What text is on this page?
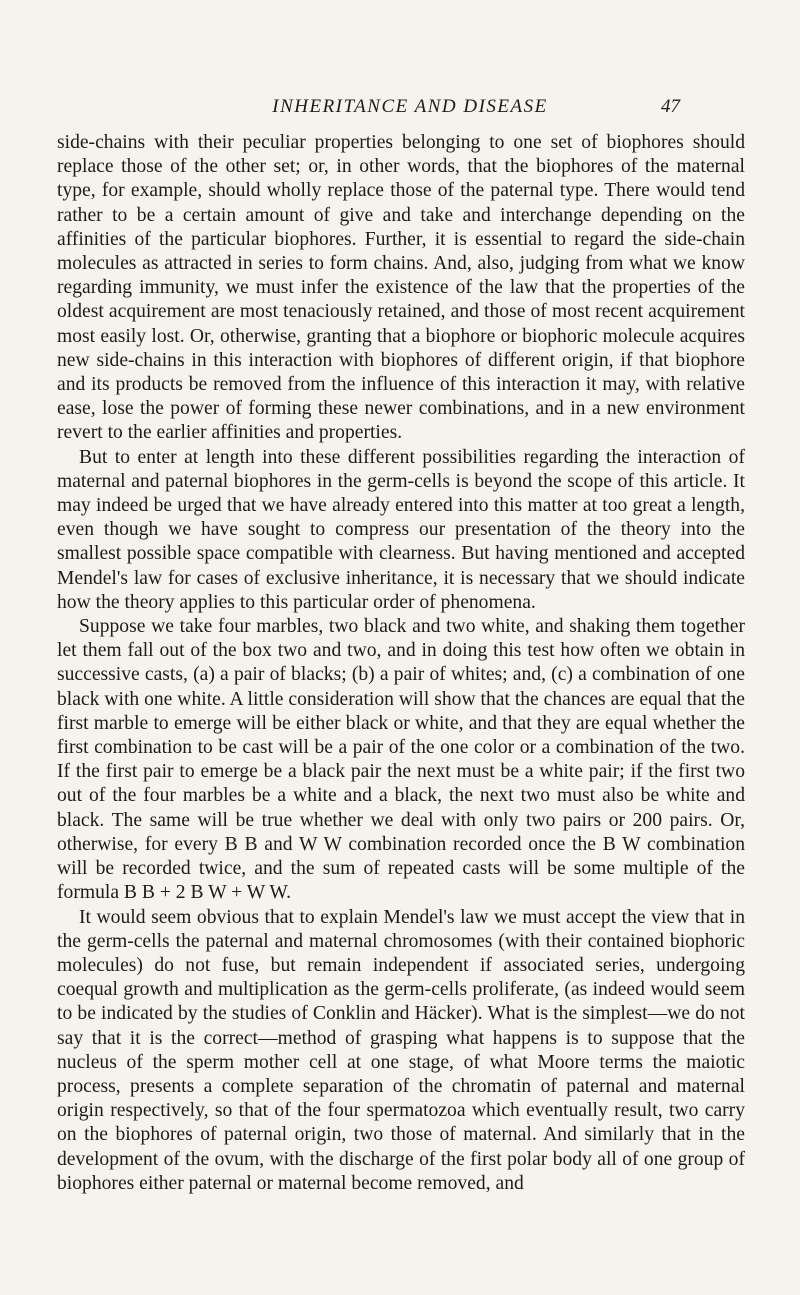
INHERITANCE AND DISEASE	47

side-chains with their peculiar properties belonging to one set of biophores should replace those of the other set; or, in other words, that the biophores of the maternal type, for example, should wholly replace those of the paternal type. There would tend rather to be a certain amount of give and take and interchange depending on the affinities of the particular biophores. Further, it is essential to regard the side-chain molecules as attracted in series to form chains. And, also, judging from what we know regarding immunity, we must infer the existence of the law that the properties of the oldest acquirement are most tenaciously retained, and those of most recent acquirement most easily lost. Or, otherwise, granting that a biophore or biophoric molecule acquires new side-chains in this interaction with biophores of different origin, if that biophore and its products be removed from the influence of this interaction it may, with relative ease, lose the power of forming these newer combinations, and in a new environment revert to the earlier affinities and properties.

But to enter at length into these different possibilities regarding the interaction of maternal and paternal biophores in the germ-cells is beyond the scope of this article. It may indeed be urged that we have already entered into this matter at too great a length, even though we have sought to compress our presentation of the theory into the smallest possible space compatible with clearness. But having mentioned and accepted Mendel's law for cases of exclusive inheritance, it is necessary that we should indicate how the theory applies to this particular order of phenomena.

Suppose we take four marbles, two black and two white, and shaking them together let them fall out of the box two and two, and in doing this test how often we obtain in successive casts, (a) a pair of blacks; (b) a pair of whites; and, (c) a combination of one black with one white. A little consideration will show that the chances are equal that the first marble to emerge will be either black or white, and that they are equal whether the first combination to be cast will be a pair of the one color or a combination of the two. If the first pair to emerge be a black pair the next must be a white pair; if the first two out of the four marbles be a white and a black, the next two must also be white and black. The same will be true whether we deal with only two pairs or 200 pairs. Or, otherwise, for every B B and W W combination recorded once the B W combination will be recorded twice, and the sum of repeated casts will be some multiple of the formula B B + 2 B W + W W.

It would seem obvious that to explain Mendel's law we must accept the view that in the germ-cells the paternal and maternal chromosomes (with their contained biophoric molecules) do not fuse, but remain independent if associated series, undergoing coequal growth and multiplication as the germ-cells proliferate, (as indeed would seem to be indicated by the studies of Conklin and Häcker). What is the simplest—we do not say that it is the correct—method of grasping what happens is to suppose that the nucleus of the sperm mother cell at one stage, of what Moore terms the maiotic process, presents a complete separation of the chromatin of paternal and maternal origin respectively, so that of the four spermatozoa which eventually result, two carry on the biophores of paternal origin, two those of maternal. And similarly that in the development of the ovum, with the discharge of the first polar body all of one group of biophores either paternal or maternal become removed, and
